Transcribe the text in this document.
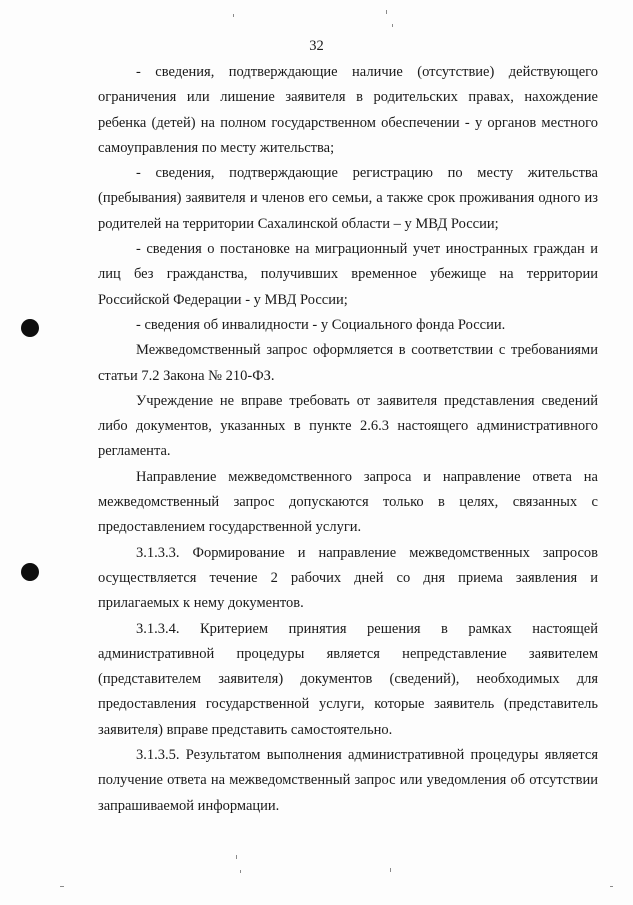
32

- сведения, подтверждающие наличие (отсутствие) действующего ограничения или лишение заявителя в родительских правах, нахождение ребенка (детей) на полном государственном обеспечении - у органов местного самоуправления по месту жительства;

- сведения, подтверждающие регистрацию по месту жительства (пребывания) заявителя и членов его семьи, а также срок проживания одного из родителей на территории Сахалинской области – у МВД России;

- сведения о постановке на миграционный учет иностранных граждан и лиц без гражданства, получивших временное убежище на территории Российской Федерации - у МВД России;

- сведения об инвалидности - у Социального фонда России.

Межведомственный запрос оформляется в соответствии с требованиями статьи 7.2 Закона № 210-ФЗ.

Учреждение не вправе требовать от заявителя представления сведений либо документов, указанных в пункте 2.6.3 настоящего административного регламента.

Направление межведомственного запроса и направление ответа на межведомственный запрос допускаются только в целях, связанных с предоставлением государственной услуги.

3.1.3.3. Формирование и направление межведомственных запросов осуществляется течение 2 рабочих дней со дня приема заявления и прилагаемых к нему документов.

3.1.3.4. Критерием принятия решения в рамках настоящей административной процедуры является непредставление заявителем (представителем заявителя) документов (сведений), необходимых для предоставления государственной услуги, которые заявитель (представитель заявителя) вправе представить самостоятельно.

3.1.3.5. Результатом выполнения административной процедуры является получение ответа на межведомственный запрос или уведомления об отсутствии запрашиваемой информации.
